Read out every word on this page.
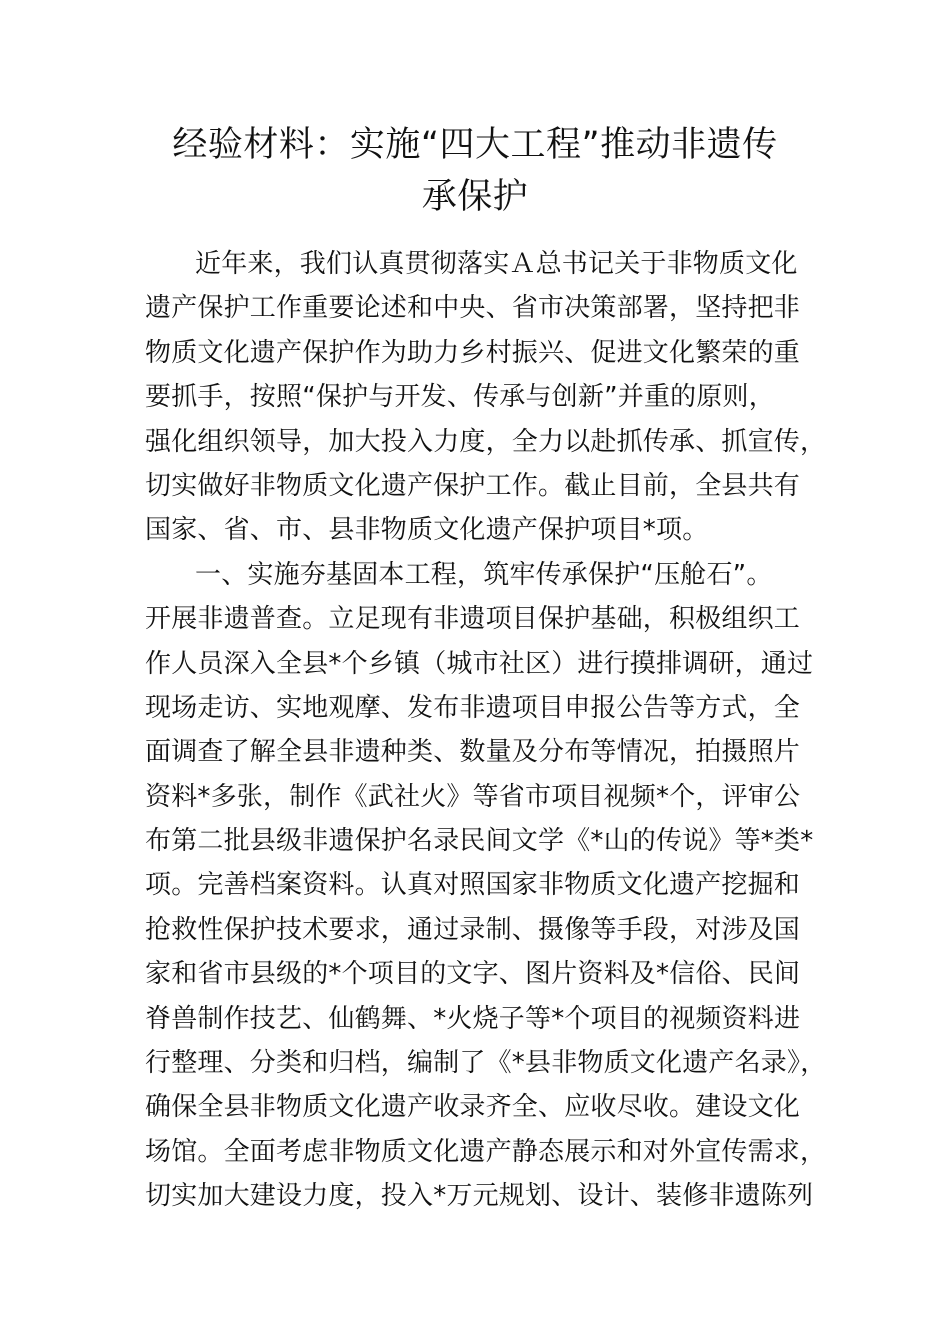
经验材料：实施“四大工程”推动非遗传
承保护
近年来，我们认真贯彻落实Ａ总书记关于非物质文化
遗产保护工作重要论述和中央、省市决策部署，坚持把非
物质文化遗产保护作为助力乡村振兴、促进文化繁荣的重
要抓手，按照“保护与开发、传承与创新”并重的原则，
强化组织领导，加大投入力度，全力以赴抓传承、抓宣传，
切实做好非物质文化遗产保护工作。截止目前，全县共有
国家、省、市、县非物质文化遗产保护项目*项。
一、实施夯基固本工程，筑牢传承保护“压舱石”。
开展非遗普查。立足现有非遗项目保护基础，积极组织工
作人员深入全县*个乡镇（城市社区）进行摸排调研，通过
现场走访、实地观摩、发布非遗项目申报公告等方式，全
面调查了解全县非遗种类、数量及分布等情况，拍摄照片
资料*多张，制作《武社火》等省市项目视频*个，评审公
布第二批县级非遗保护名录民间文学《*山的传说》等*类*
项。完善档案资料。认真对照国家非物质文化遗产挖掘和
抢救性保护技术要求，通过录制、摄像等手段，对涉及国
家和省市县级的*个项目的文字、图片资料及*信俗、民间
脊兽制作技艺、仙鹤舞、*火烧子等*个项目的视频资料进
行整理、分类和归档，编制了《*县非物质文化遗产名录》，
确保全县非物质文化遗产收录齐全、应收尽收。建设文化
场馆。全面考虑非物质文化遗产静态展示和对外宣传需求，
切实加大建设力度，投入*万元规划、设计、装修非遗陈列
